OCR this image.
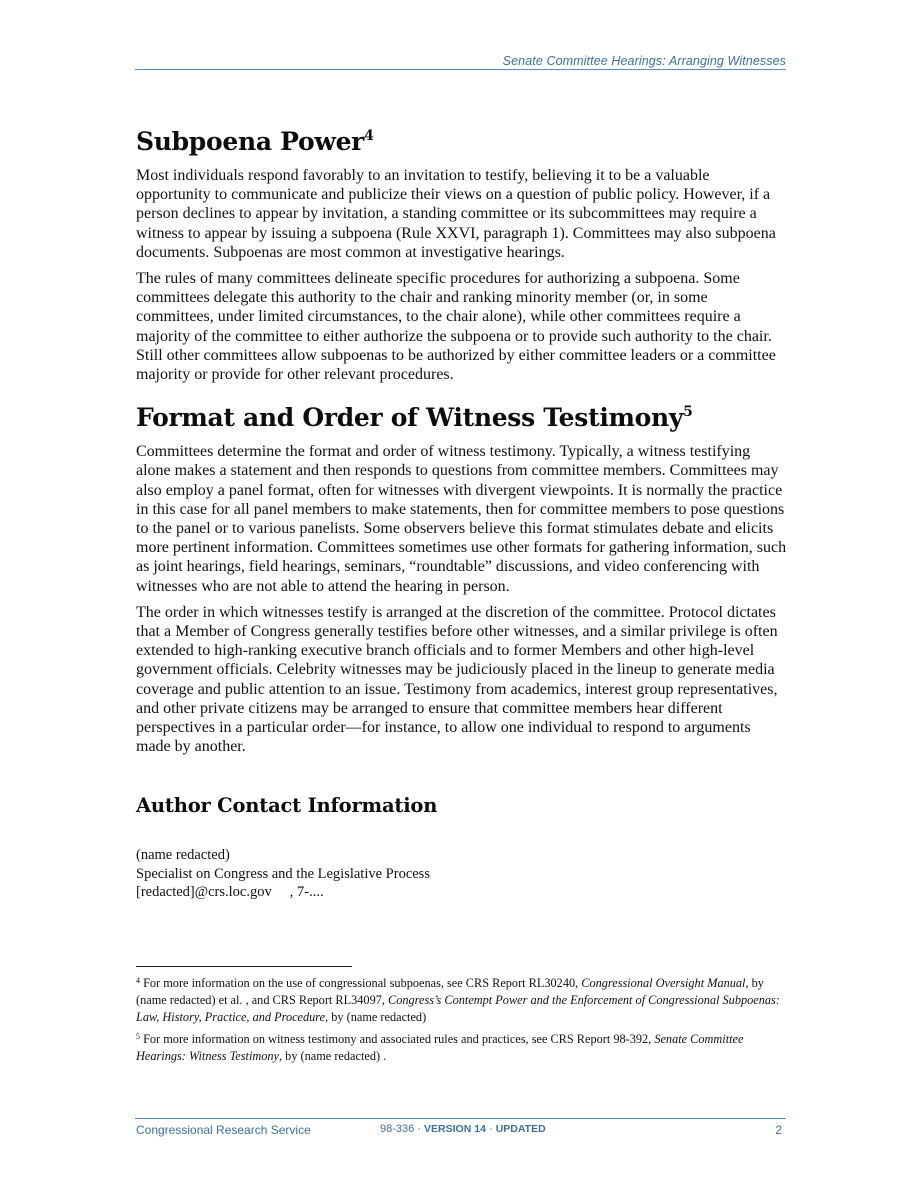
Senate Committee Hearings: Arranging Witnesses
Subpoena Power$^4$

Most individuals respond favorably to an invitation to testify, believing it to be a valuable opportunity to communicate and publicize their views on a question of public policy. However, if a person declines to appear by invitation, a standing committee or its subcommittees may require a witness to appear by issuing a subpoena (Rule XXVI, paragraph 1). Committees may also subpoena documents. Subpoenas are most common at investigative hearings.

The rules of many committees delineate specific procedures for authorizing a subpoena. Some committees delegate this authority to the chair and ranking minority member (or, in some committees, under limited circumstances, to the chair alone), while other committees require a majority of the committee to either authorize the subpoena or to provide such authority to the chair. Still other committees allow subpoenas to be authorized by either committee leaders or a committee majority or provide for other relevant procedures.

Format and Order of Witness Testimony$^5$

Committees determine the format and order of witness testimony. Typically, a witness testifying alone makes a statement and then responds to questions from committee members. Committees may also employ a panel format, often for witnesses with divergent viewpoints. It is normally the practice in this case for all panel members to make statements, then for committee members to pose questions to the panel or to various panelists. Some observers believe this format stimulates debate and elicits more pertinent information. Committees sometimes use other formats for gathering information, such as joint hearings, field hearings, seminars, “roundtable” discussions, and video conferencing with witnesses who are not able to attend the hearing in person.

The order in which witnesses testify is arranged at the discretion of the committee. Protocol dictates that a Member of Congress generally testifies before other witnesses, and a similar privilege is often extended to high-ranking executive branch officials and to former Members and other high-level government officials. Celebrity witnesses may be judiciously placed in the lineup to generate media coverage and public attention to an issue. Testimony from academics, interest group representatives, and other private citizens may be arranged to ensure that committee members hear different perspectives in a particular order—for instance, to allow one individual to respond to arguments made by another.

Author Contact Information
(name redacted)
Specialist on Congress and the Legislative Process
[redacted]@crs.loc.gov , 7-....

$^4$ For more information on the use of congressional subpoenas, see CRS Report RL30240, Congressional Oversight Manual, by (name redacted) et al. , and CRS Report RL34097, Congress’s Contempt Power and the Enforcement of Congressional Subpoenas: Law, History, Practice, and Procedure, by (name redacted)

$^5$ For more information on witness testimony and associated rules and practices, see CRS Report 98-392, Senate Committee Hearings: Witness Testimony, by (name redacted) .

Congressional Research Service	98-336 · VERSION 14 · UPDATED	2
